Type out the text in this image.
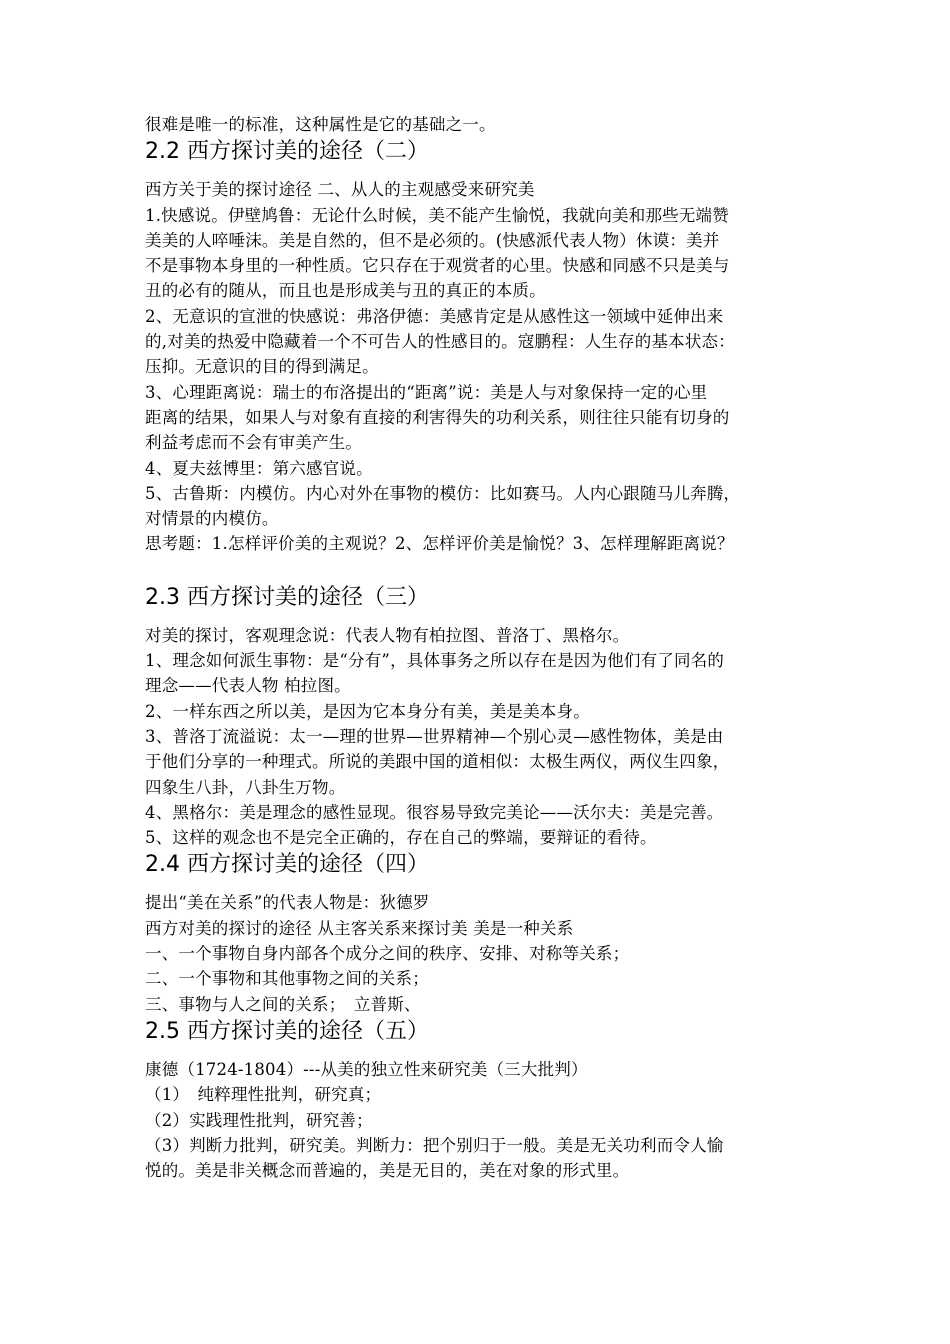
很难是唯一的标准，这种属性是它的基础之一。
2.2 西方探讨美的途径（二）
西方关于美的探讨途径 二、从人的主观感受来研究美
1.快感说。伊壁鸠鲁：无论什么时候，美不能产生愉悦，我就向美和那些无端赞
美美的人啐唾沫。美是自然的，但不是必须的。(快感派代表人物）休谟：美并
不是事物本身里的一种性质。它只存在于观赏者的心里。快感和同感不只是美与
丑的必有的随从，而且也是形成美与丑的真正的本质。
2、无意识的宣泄的快感说：弗洛伊德：美感肯定是从感性这一领域中延伸出来
的,对美的热爱中隐藏着一个不可告人的性感目的。寇鹏程：人生存的基本状态：
压抑。无意识的目的得到满足。
3、心理距离说：瑞士的布洛提出的“距离”说：美是人与对象保持一定的心里
距离的结果，如果人与对象有直接的利害得失的功利关系，则往往只能有切身的
利益考虑而不会有审美产生。
4、夏夫兹博里：第六感官说。
5、古鲁斯：内模仿。内心对外在事物的模仿：比如赛马。人内心跟随马儿奔腾，
对情景的内模仿。
思考题：1.怎样评价美的主观说？2、怎样评价美是愉悦？3、怎样理解距离说？
2.3 西方探讨美的途径（三）
对美的探讨，客观理念说：代表人物有柏拉图、普洛丁、黑格尔。
1、理念如何派生事物：是“分有”，具体事务之所以存在是因为他们有了同名的
理念——代表人物 柏拉图。
2、一样东西之所以美，是因为它本身分有美，美是美本身。
3、普洛丁流溢说：太一—理的世界—世界精神—个别心灵—感性物体，美是由
于他们分享的一种理式。所说的美跟中国的道相似：太极生两仪，两仪生四象，
四象生八卦，八卦生万物。
4、黑格尔：美是理念的感性显现。很容易导致完美论——沃尔夫：美是完善。
5、这样的观念也不是完全正确的，存在自己的弊端，要辩证的看待。
2.4 西方探讨美的途径（四）
提出“美在关系”的代表人物是：狄德罗
西方对美的探讨的途径 从主客关系来探讨美 美是一种关系
一、一个事物自身内部各个成分之间的秩序、安排、对称等关系；
二、一个事物和其他事物之间的关系；
三、事物与人之间的关系；　立普斯、
2.5 西方探讨美的途径（五）
康德（1724-1804）---从美的独立性来研究美（三大批判）
（1）　纯粹理性批判，研究真；
（2）实践理性批判，研究善；
（3）判断力批判，研究美。判断力：把个别归于一般。美是无关功利而令人愉
悦的。美是非关概念而普遍的，美是无目的，美在对象的形式里。
